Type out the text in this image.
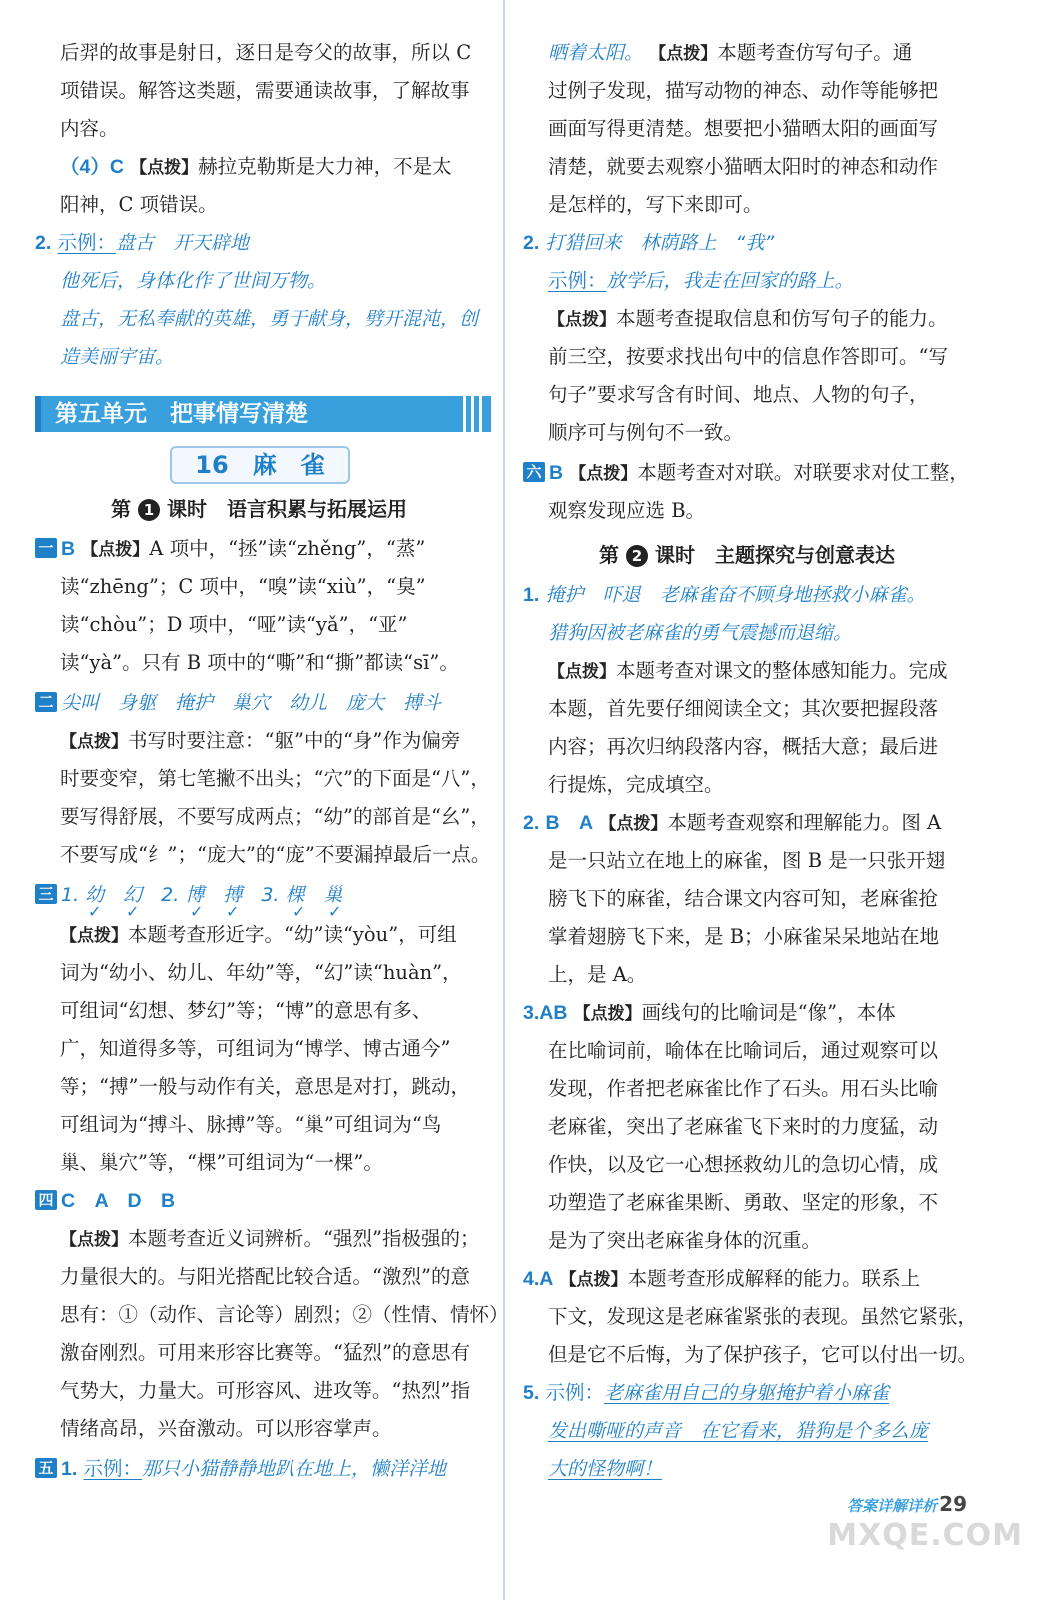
后羿的故事是射日，逐日是夸父的故事，所以 C
项错误。解答这类题，需要通读故事，了解故事
内容。
（4）C 【点拨】赫拉克勒斯是大力神，不是太
阳神，C 项错误。
2. 示例：盘古　开天辟地
他死后，身体化作了世间万物。
盘古，无私奉献的英雄，勇于献身，劈开混沌，创
造美丽宇宙。
第五单元　把事情写清楚
16　麻　雀
第 1 课时　语言积累与拓展运用
一 B 【点拨】A 项中，“拯”读“zhěng”，“蒸”
读“zhēng”；C 项中，“嗅”读“xiù”，“臭”
读“chòu”；D 项中，“哑”读“yǎ”，“亚”
读“yà”。只有 B 项中的“嘶”和“撕”都读“sī”。
二 尖叫　身躯　掩护　巢穴　幼儿　庞大　搏斗
【点拨】书写时要注意：“躯”中的“身”作为偏旁
时要变窄，第七笔撇不出头；“穴”的下面是“八”，
要写得舒展，不要写成两点；“幼”的部首是“幺”，
不要写成“纟”；“庞大”的“庞”不要漏掉最后一点。
三 1. 幼　幻　2. 博　搏　3. 棵　巢
✓ ✓	✓ ✓	✓ ✓
【点拨】本题考查形近字。“幼”读“yòu”，可组
词为“幼小、幼儿、年幼”等，“幻”读“huàn”，
可组词“幻想、梦幻”等；“博”的意思有多、
广，知道得多等，可组词为“博学、博古通今”
等；“搏”一般与动作有关，意思是对打，跳动，
可组词为“搏斗、脉搏”等。“巢”可组词为“鸟
巢、巢穴”等，“棵”可组词为“一棵”。
四 C　A　D　B
【点拨】本题考查近义词辨析。“强烈”指极强的；
力量很大的。与阳光搭配比较合适。“激烈”的意
思有：①（动作、言论等）剧烈；②（性情、情怀）
激奋刚烈。可用来形容比赛等。“猛烈”的意思有
气势大，力量大。可形容风、进攻等。“热烈”指
情绪高昂，兴奋激动。可以形容掌声。
五 1. 示例：那只小猫静静地趴在地上，懒洋洋地
晒着太阳。 【点拨】本题考查仿写句子。通
过例子发现，描写动物的神态、动作等能够把
画面写得更清楚。想要把小猫晒太阳的画面写
清楚，就要去观察小猫晒太阳时的神态和动作
是怎样的，写下来即可。
2. 打猎回来　林荫路上　“我”
示例：放学后，我走在回家的路上。
【点拨】本题考查提取信息和仿写句子的能力。
前三空，按要求找出句中的信息作答即可。“写
句子”要求写含有时间、地点、人物的句子，
顺序可与例句不一致。
六 B 【点拨】本题考查对对联。对联要求对仗工整，
观察发现应选 B。
第 2 课时　主题探究与创意表达
1. 掩护　吓退　老麻雀奋不顾身地拯救小麻雀。
猎狗因被老麻雀的勇气震撼而退缩。
【点拨】本题考查对课文的整体感知能力。完成
本题，首先要仔细阅读全文；其次要把握段落
内容；再次归纳段落内容，概括大意；最后进
行提炼，完成填空。
2. B　A 【点拨】本题考查观察和理解能力。图 A
是一只站立在地上的麻雀，图 B 是一只张开翅
膀飞下的麻雀，结合课文内容可知，老麻雀抢
掌着翅膀飞下来，是 B；小麻雀呆呆地站在地
上，是 A。
3.AB 【点拨】画线句的比喻词是“像”，本体
在比喻词前，喻体在比喻词后，通过观察可以
发现，作者把老麻雀比作了石头。用石头比喻
老麻雀，突出了老麻雀飞下来时的力度猛，动
作快，以及它一心想拯救幼儿的急切心情，成
功塑造了老麻雀果断、勇敢、坚定的形象，不
是为了突出老麻雀身体的沉重。
4.A 【点拨】本题考查形成解释的能力。联系上
下文，发现这是老麻雀紧张的表现。虽然它紧张，
但是它不后悔，为了保护孩子，它可以付出一切。
5. 示例：老麻雀用自己的身躯掩护着小麻雀
发出嘶哑的声音　在它看来，猎狗是个多么庞
大的怪物啊！
答案详解详析 29
MXQE.COM
